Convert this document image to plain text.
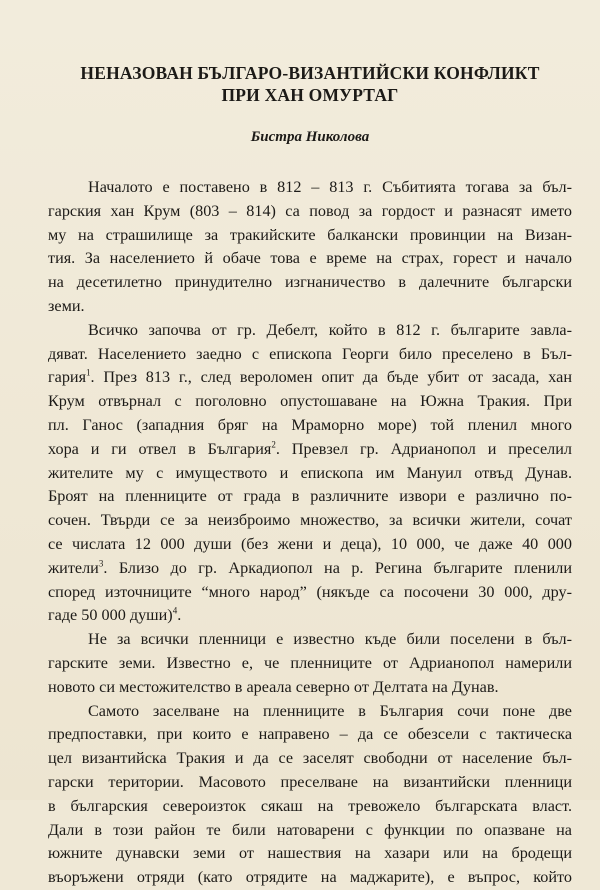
НЕНАЗОВАН БЪЛГАРО-ВИЗАНТИЙСКИ КОНФЛИКТ
ПРИ ХАН ОМУРТАГ
Бистра Николова
Началото е поставено в 812 – 813 г. Събитията тогава за бъл-
гарския хан Крум (803 – 814) са повод за гордост и разнасят името
му на страшилище за тракийските балкански провинции на Визан-
тия. За населението й обаче това е време на страх, горест и начало
на десетилетно принудително изгнаничество в далечните български
земи.
Всичко започва от гр. Дебелт, който в 812 г. българите завла-
дяват. Населението заедно с епископа Георги било преселено в Бъл-
гария$^1$. През 813 г., след вероломен опит да бъде убит от засада, хан
Крум отвърнал с поголовно опустошаване на Южна Тракия. При
пл. Ганос (западния бряг на Мраморно море) той пленил много
хора и ги отвел в България$^2$. Превзел гр. Адрианопол и преселил
жителите му с имуществото и епископа им Мануил отвъд Дунав.
Броят на пленниците от града в различните извори е различно по-
сочен. Твърди се за неизброимо множество, за всички жители, сочат
се числата 12 000 души (без жени и деца), 10 000, че даже 40 000
жители$^3$. Близо до гр. Аркадиопол на р. Регина българите пленили
според източниците “много народ” (някъде са посочени 30 000, дру-
гаде 50 000 души)$^4$.
Не за всички пленници е известно къде били поселени в бъл-
гарските земи. Известно е, че пленниците от Адрианопол намерили
новото си местожителство в ареала северно от Делтата на Дунав.
Самото заселване на пленниците в България сочи поне две
предпоставки, при които е направено – да се обезсели с тактическа
цел византийска Тракия и да се заселят свободни от население бъл-
гарски територии. Масовото преселване на византийски пленници
в българския североизток сякаш на тревожело българската власт.
Дали в този район те били натоварени с функции по опазване на
южните дунавски земи от нашествия на хазари или на бродещи
въоръжени отряди (като отрядите на маджарите), е въпрос, който
